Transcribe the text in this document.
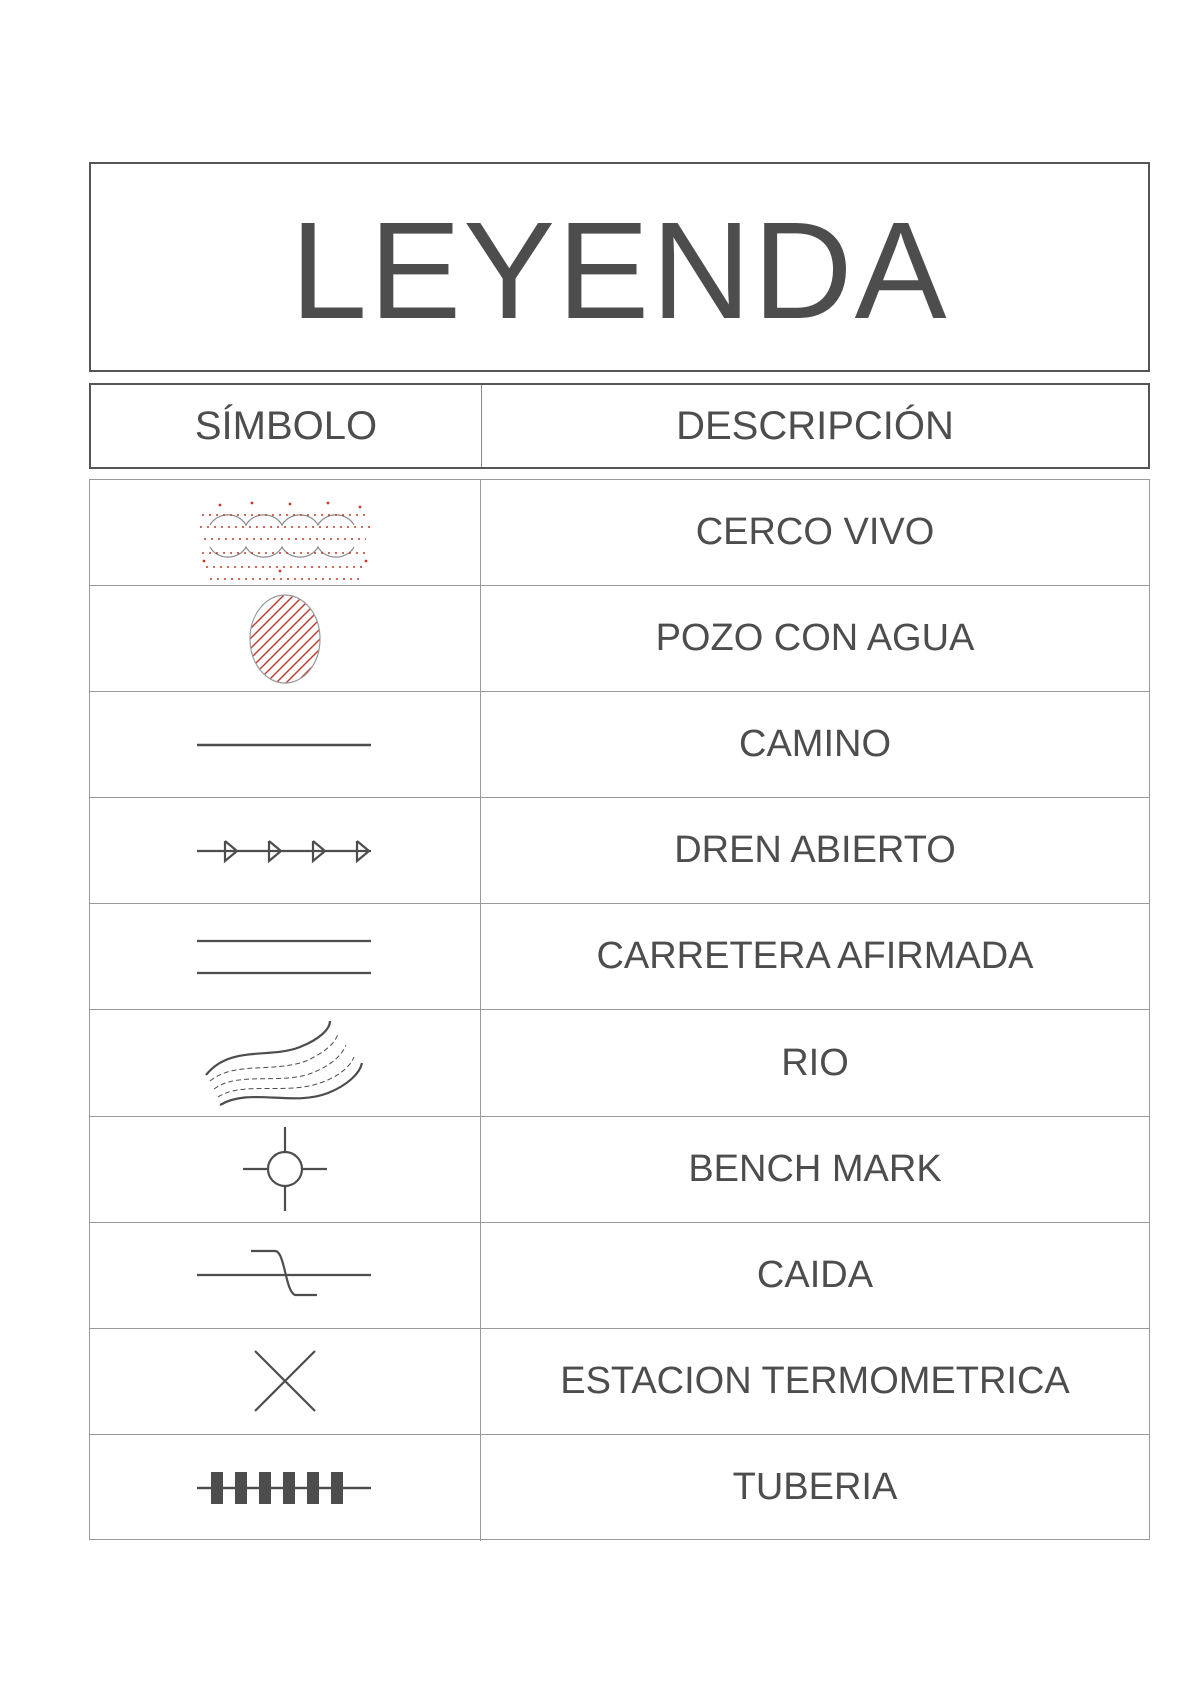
LEYENDA
SÍMBOLO	DESCRIPCIÓN
CERCO VIVO
POZO CON AGUA
CAMINO
DREN ABIERTO
CARRETERA AFIRMADA
RIO
BENCH MARK
CAIDA
ESTACION TERMOMETRICA
TUBERIA
